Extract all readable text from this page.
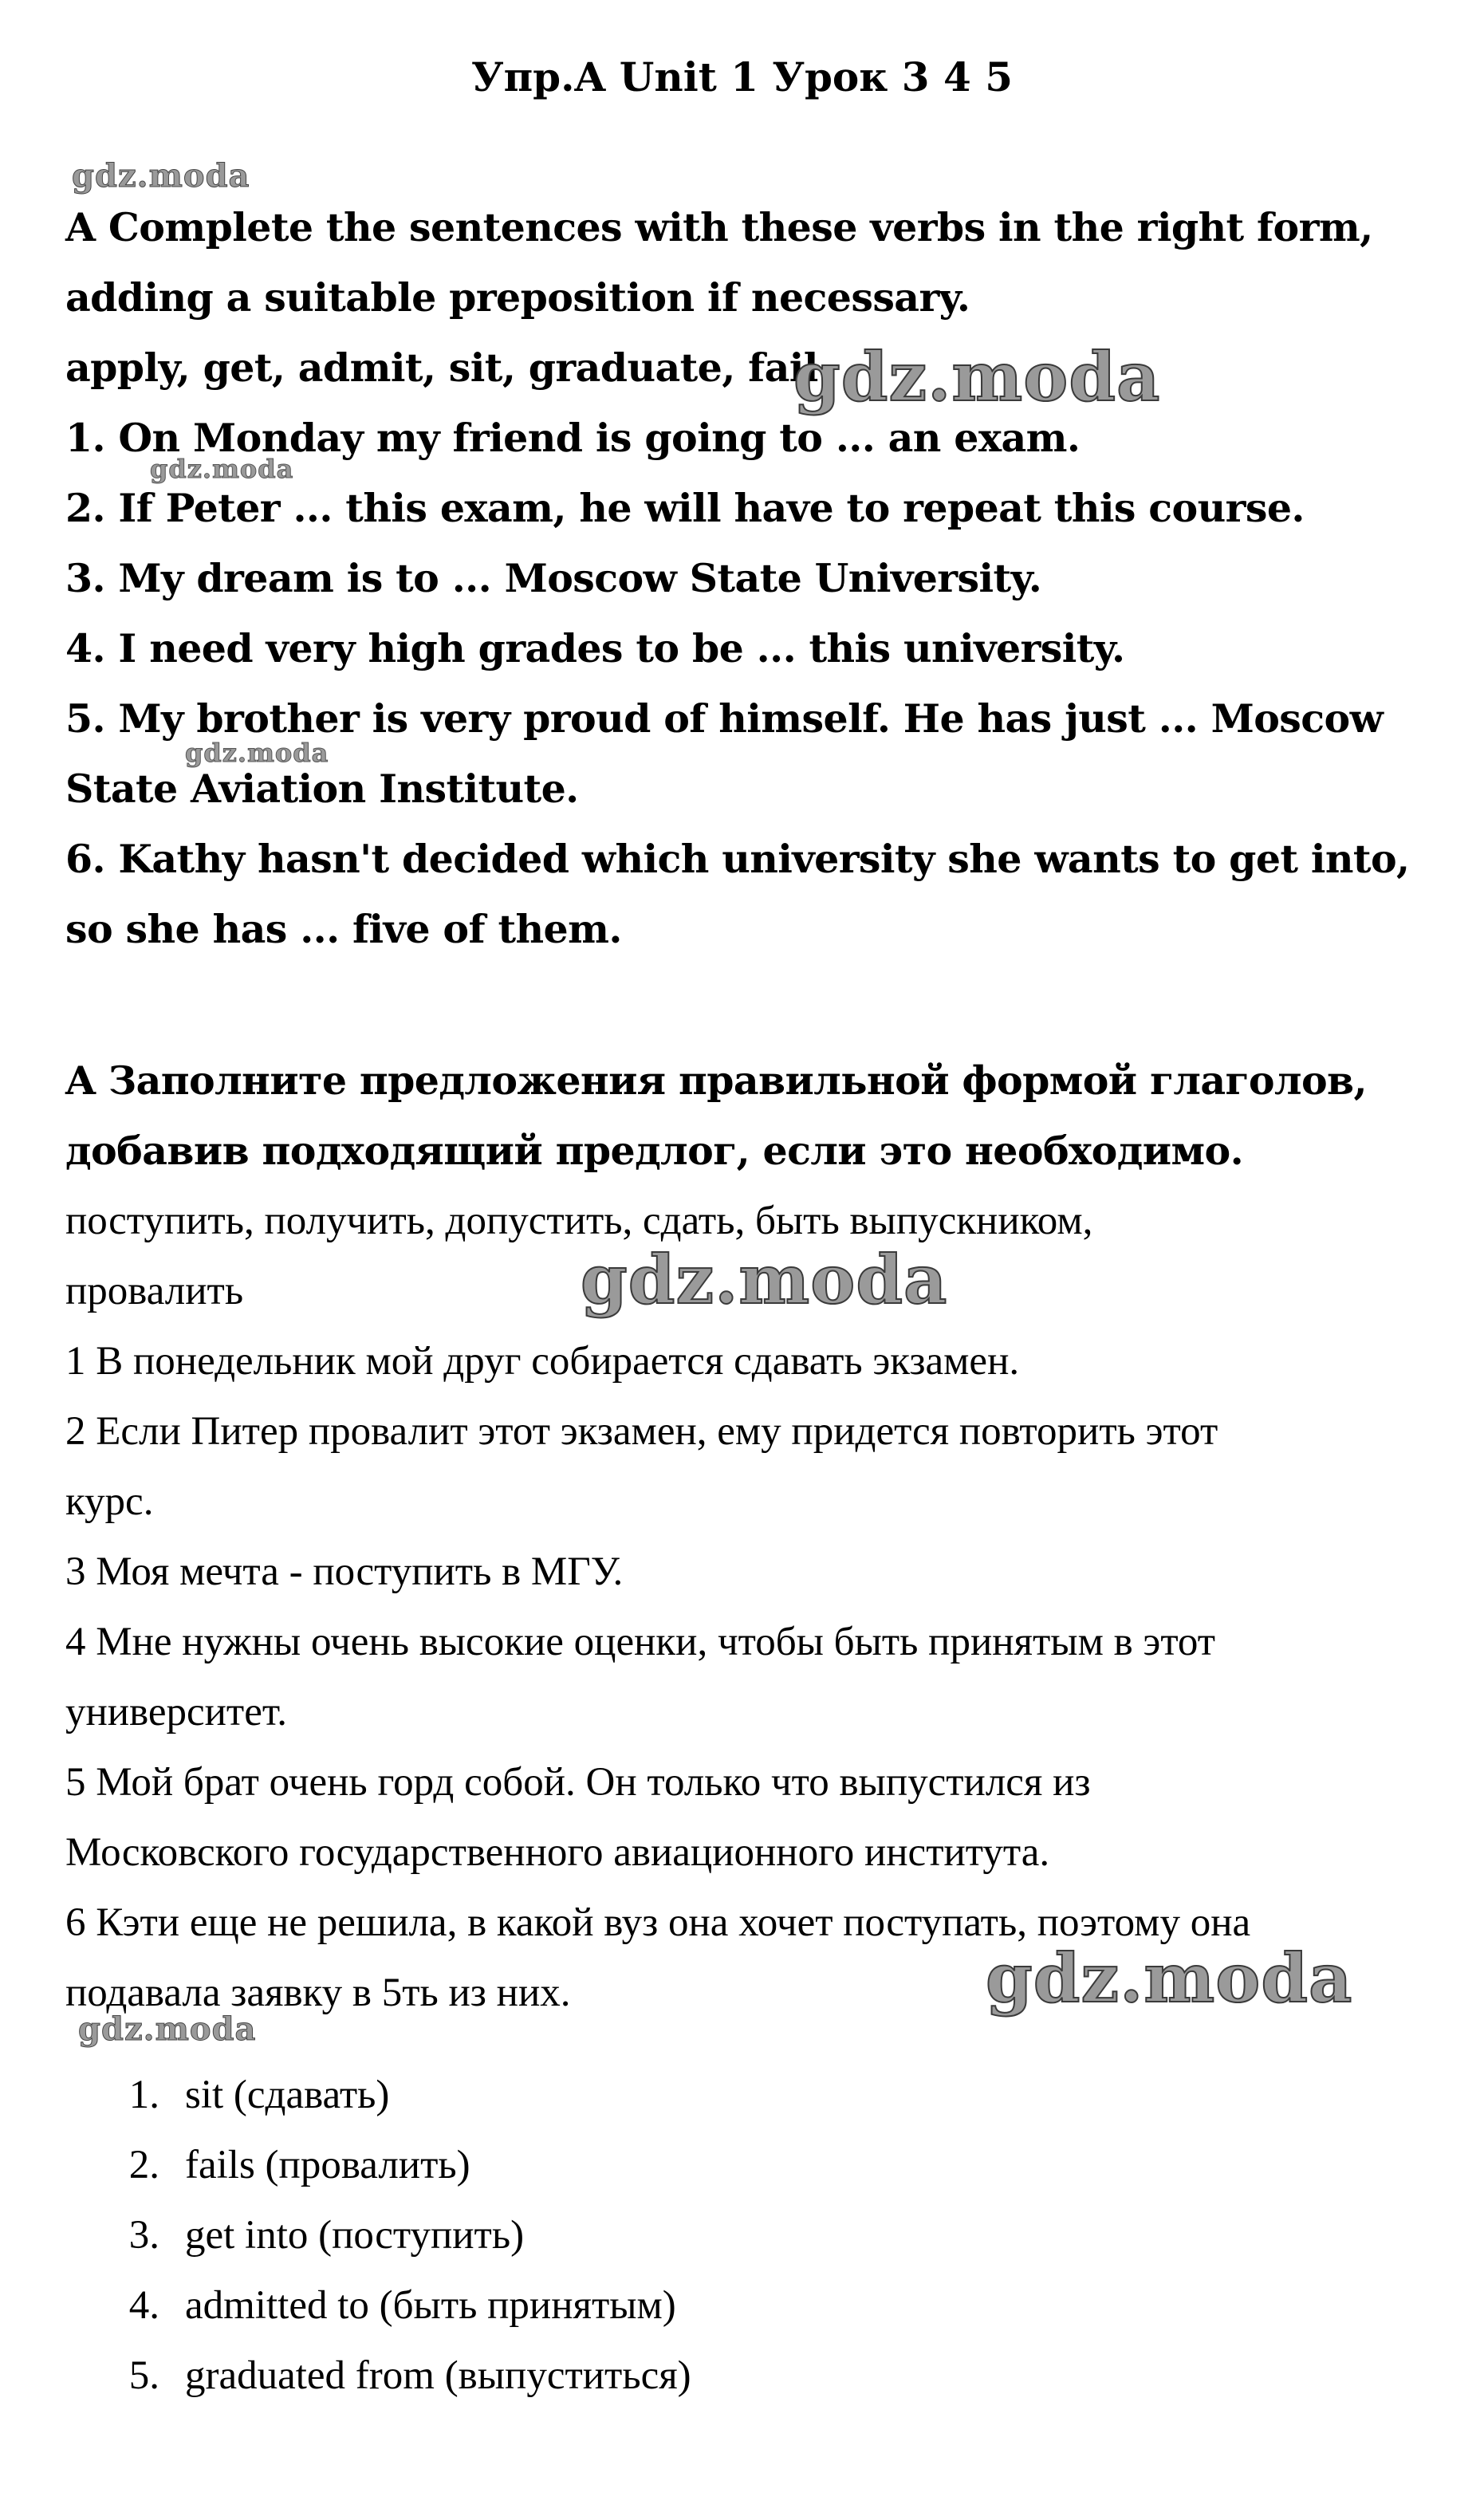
Упр.A Unit 1 Урок 3 4 5
A Complete the sentences with these verbs in the right form,
adding a suitable preposition if necessary.
apply, get, admit, sit, graduate, fail
1. On Monday my friend is going to ... an exam.
2. If Peter ... this exam, he will have to repeat this course.
3. My dream is to ... Moscow State University.
4. I need very high grades to be ... this university.
5. My brother is very proud of himself. He has just ... Moscow
State Aviation Institute.
6. Kathy hasn't decided which university she wants to get into,
so she has ... five of them.
A Заполните предложения правильной формой глаголов,
добавив подходящий предлог, если это необходимо.
поступить, получить, допустить, сдать, быть выпускником,
провалить
1 В понедельник мой друг собирается сдавать экзамен.
2 Если Питер провалит этот экзамен, ему придется повторить этот
курс.
3 Моя мечта - поступить в МГУ.
4 Мне нужны очень высокие оценки, чтобы быть принятым в этот
университет.
5 Мой брат очень горд собой. Он только что выпустился из
Московского государственного авиационного института.
6 Кэти еще не решила, в какой вуз она хочет поступать, поэтому она
подавала заявку в 5ть из них.
1. sit (сдавать)
2. fails (провалить)
3. get into (поступить)
4. admitted to (быть принятым)
5. graduated from (выпуститься)
gdz.moda
gdz.moda
gdz.moda
gdz.moda
gdz.moda
gdz.moda
gdz.moda
